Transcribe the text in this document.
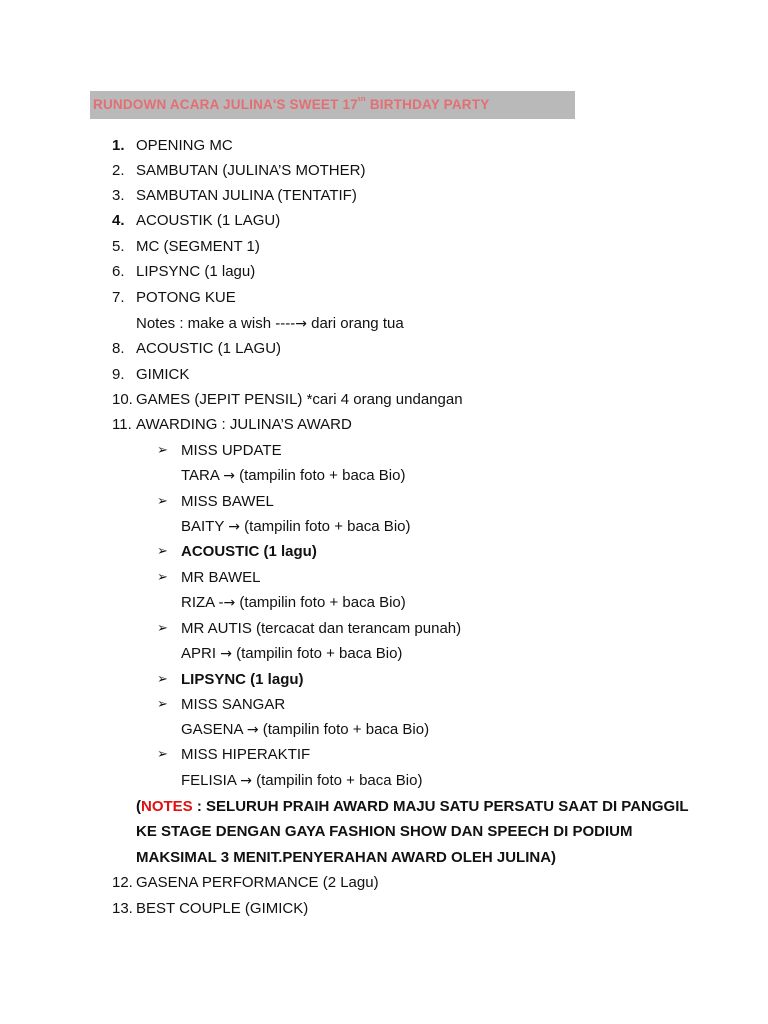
RUNDOWN ACARA JULINA'S SWEET 17th BIRTHDAY PARTY
1. OPENING MC
2. SAMBUTAN (JULINA’S MOTHER)
3. SAMBUTAN JULINA (TENTATIF)
4. ACOUSTIK (1 LAGU)
5. MC (SEGMENT 1)
6. LIPSYNC (1 lagu)
7. POTONG KUE
Notes : make a wish ----→ dari orang tua
8. ACOUSTIC (1 LAGU)
9. GIMICK
10. GAMES (JEPIT PENSIL) *cari 4 orang undangan
11. AWARDING : JULINA’S AWARD
➢ MISS UPDATE
TARA → (tampilin foto + baca Bio)
➢ MISS BAWEL
BAITY → (tampilin foto + baca Bio)
➢ ACOUSTIC (1 lagu)
➢ MR BAWEL
RIZA -→ (tampilin foto + baca Bio)
➢ MR AUTIS (tercacat dan terancam punah)
APRI → (tampilin foto + baca Bio)
➢ LIPSYNC (1 lagu)
➢ MISS SANGAR
GASENA → (tampilin foto + baca Bio)
➢ MISS HIPERAKTIF
FELISIA → (tampilin foto + baca Bio)
(NOTES : SELURUH PRAIH AWARD MAJU SATU PERSATU SAAT DI PANGGIL
KE STAGE DENGAN GAYA FASHION SHOW DAN SPEECH DI PODIUM
MAKSIMAL 3 MENIT.PENYERAHAN AWARD OLEH JULINA)
12. GASENA PERFORMANCE (2 Lagu)
13. BEST COUPLE (GIMICK)
